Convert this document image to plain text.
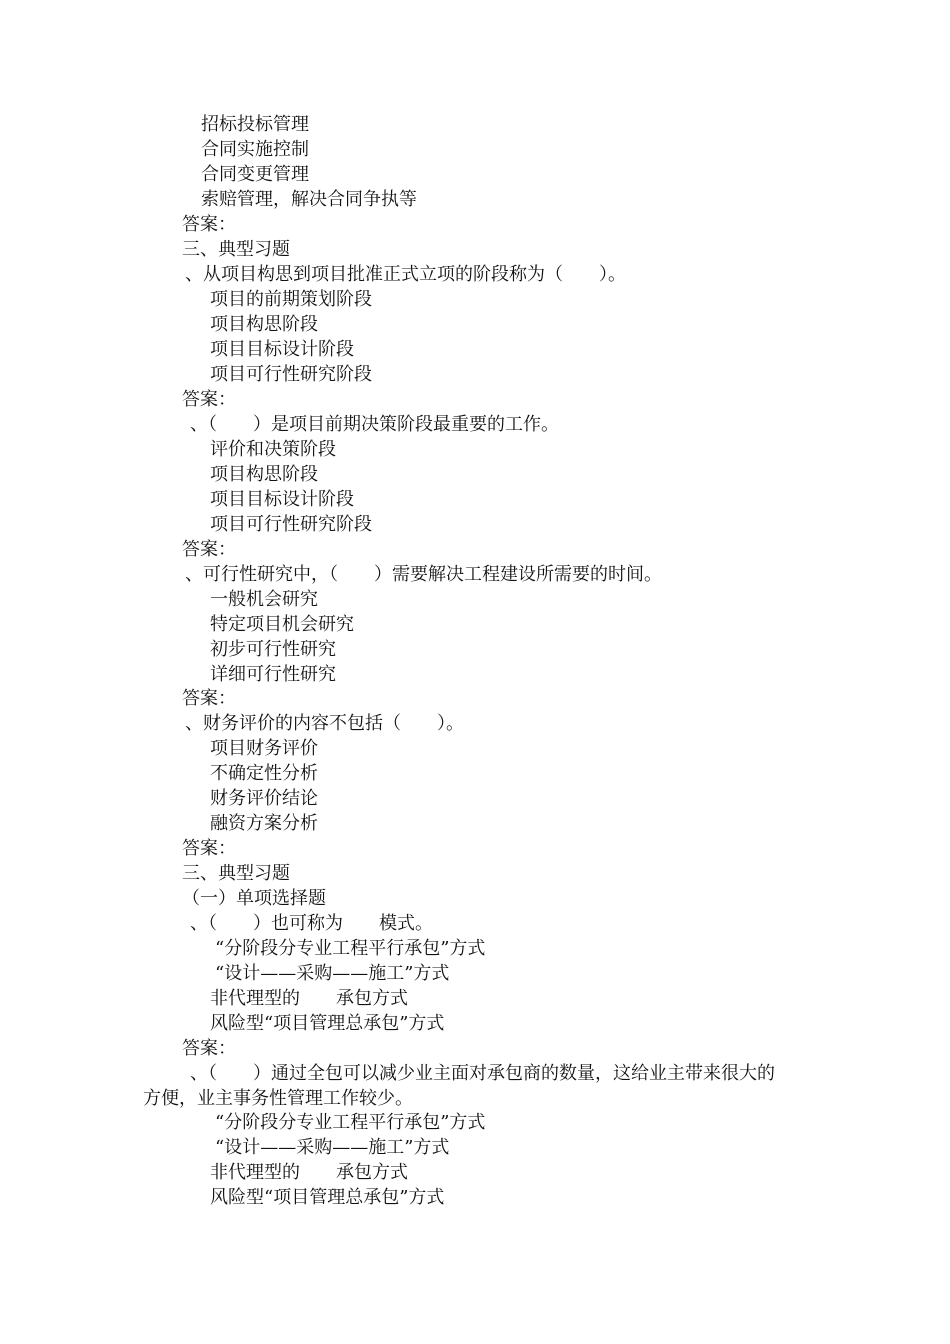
招标投标管理
合同实施控制
合同变更管理
索赔管理，解决合同争执等
答案：
三、典型习题
、从项目构思到项目批准正式立项的阶段称为（　　）。
项目的前期策划阶段
项目构思阶段
项目目标设计阶段
项目可行性研究阶段
答案：
、（　　）是项目前期决策阶段最重要的工作。
评价和决策阶段
项目构思阶段
项目目标设计阶段
项目可行性研究阶段
答案：
、可行性研究中，（　　）需要解决工程建设所需要的时间。
一般机会研究
特定项目机会研究
初步可行性研究
详细可行性研究
答案：
、财务评价的内容不包括（　　）。
项目财务评价
不确定性分析
财务评价结论
融资方案分析
答案：
三、典型习题
（一）单项选择题
、（　　）也可称为　　模式。
“分阶段分专业工程平行承包”方式
“设计——采购——施工”方式
非代理型的　　承包方式
风险型“项目管理总承包”方式
答案：
、（　　）通过全包可以减少业主面对承包商的数量，这给业主带来很大的
方便，业主事务性管理工作较少。
“分阶段分专业工程平行承包”方式
“设计——采购——施工”方式
非代理型的　　承包方式
风险型“项目管理总承包”方式
